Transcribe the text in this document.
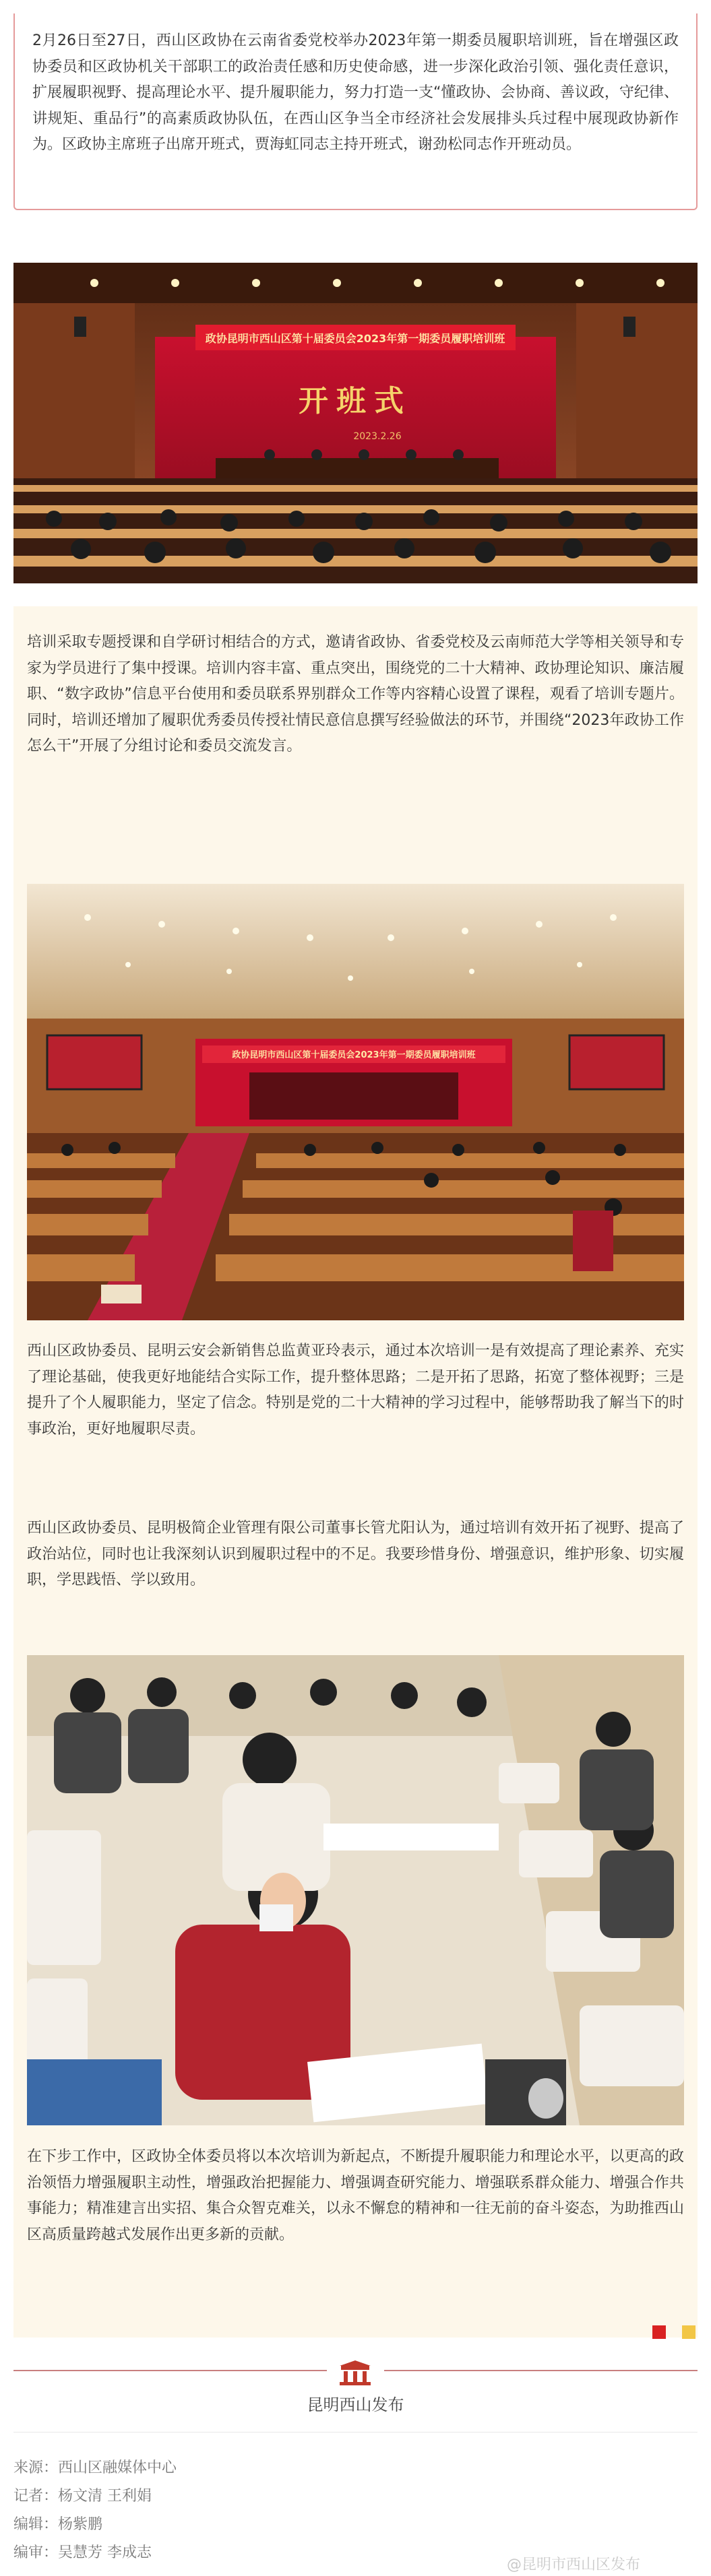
2月26日至27日，西山区政协在云南省委党校举办2023年第一期委员履职培训班，旨在增强区政协委员和区政协机关干部职工的政治责任感和历史使命感，进一步深化政治引领、强化责任意识，扩展履职视野、提高理论水平、提升履职能力，努力打造一支“懂政协、会协商、善议政，守纪律、讲规矩、重品行”的高素质政协队伍，在西山区争当全市经济社会发展排头兵过程中展现政协新作为。区政协主席班子出席开班式，贾海虹同志主持开班式，谢劲松同志作开班动员。

政协昆明市西山区第十届委员会2023年第一期委员履职培训班
开班式
2023.2.26

培训采取专题授课和自学研讨相结合的方式，邀请省政协、省委党校及云南师范大学等相关领导和专家为学员进行了集中授课。培训内容丰富、重点突出，围绕党的二十大精神、政协理论知识、廉洁履职、“数字政协”信息平台使用和委员联系界别群众工作等内容精心设置了课程，观看了培训专题片。同时，培训还增加了履职优秀委员传授社情民意信息撰写经验做法的环节，并围绕“2023年政协工作怎么干”开展了分组讨论和委员交流发言。

政协昆明市西山区第十届委员会2023年第一期委员履职培训班

西山区政协委员、昆明云安会新销售总监黄亚玲表示，通过本次培训一是有效提高了理论素养、充实了理论基础，使我更好地能结合实际工作，提升整体思路；二是开拓了思路，拓宽了整体视野；三是提升了个人履职能力，坚定了信念。特别是党的二十大精神的学习过程中，能够帮助我了解当下的时事政治，更好地履职尽责。

西山区政协委员、昆明极简企业管理有限公司董事长管尤阳认为，通过培训有效开拓了视野、提高了政治站位，同时也让我深刻认识到履职过程中的不足。我要珍惜身份、增强意识，维护形象、切实履职，学思践悟、学以致用。

在下步工作中，区政协全体委员将以本次培训为新起点，不断提升履职能力和理论水平，以更高的政治领悟力增强履职主动性，增强政治把握能力、增强调查研究能力、增强联系群众能力、增强合作共事能力；精准建言出实招、集合众智克难关，以永不懈怠的精神和一往无前的奋斗姿态，为助推西山区高质量跨越式发展作出更多新的贡献。

昆明西山发布
来源：西山区融媒体中心
记者：杨文清 王利娟
编辑：杨紫鹏
编审：吴慧芳 李成志
@昆明市西山区发布
